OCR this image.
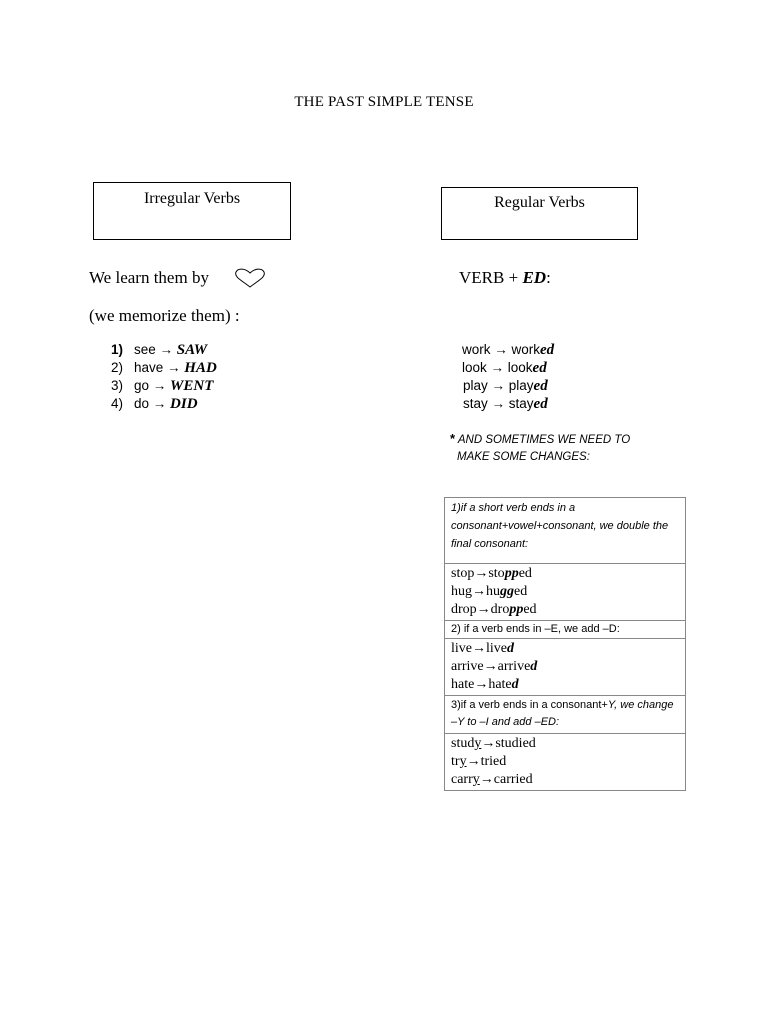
THE PAST SIMPLE TENSE
Irregular Verbs	Regular Verbs
We learn them by
(we memorize them) :
VERB + ED:
1) see → SAW
2) have → HAD
3) go → WENT
4) do → DID
work → worked
look → looked
play → played
stay → stayed
* AND SOMETIMES WE NEED TO
MAKE SOME CHANGES:
1)if a short verb ends in a consonant+vowel+consonant, we double the final consonant:
stop→stopped
hug→hugged
drop→dropped
2) if a verb ends in –E, we add –D:
live→lived
arrive→arrived
hate→hated
3)if a verb ends in a consonant+Y, we change –Y to –I and add –ED:
study→studied
try→tried
carry→carried
